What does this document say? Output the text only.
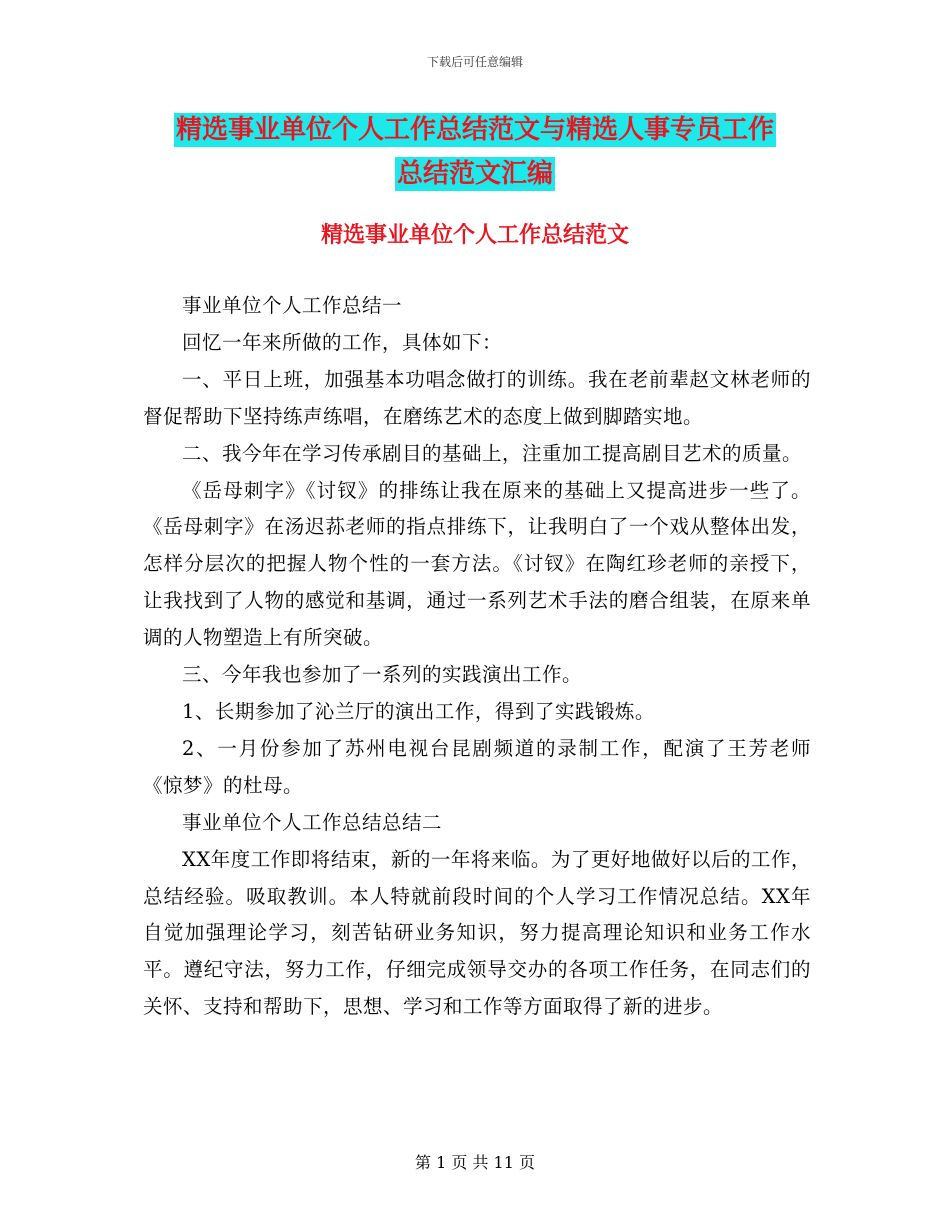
下载后可任意编辑
精选事业单位个人工作总结范文与精选人事专员工作
总结范文汇编
精选事业单位个人工作总结范文

事业单位个人工作总结一

回忆一年来所做的工作，具体如下：

一、平日上班，加强基本功唱念做打的训练。我在老前辈赵文林老师的督促帮助下坚持练声练唱，在磨练艺术的态度上做到脚踏实地。

二、我今年在学习传承剧目的基础上，注重加工提高剧目艺术的质量。

《岳母刺字》《讨钗》的排练让我在原来的基础上又提高进步一些了。《岳母刺字》在汤迟荪老师的指点排练下，让我明白了一个戏从整体出发，怎样分层次的把握人物个性的一套方法。《讨钗》在陶红珍老师的亲授下，让我找到了人物的感觉和基调，通过一系列艺术手法的磨合组装，在原来单调的人物塑造上有所突破。

三、今年我也参加了一系列的实践演出工作。

1、长期参加了沁兰厅的演出工作，得到了实践锻炼。

2、一月份参加了苏州电视台昆剧频道的录制工作，配演了王芳老师《惊梦》的杜母。

事业单位个人工作总结总结二

XX年度工作即将结束，新的一年将来临。为了更好地做好以后的工作，总结经验。吸取教训。本人特就前段时间的个人学习工作情况总结。XX年自觉加强理论学习，刻苦钻研业务知识，努力提高理论知识和业务工作水平。遵纪守法，努力工作，仔细完成领导交办的各项工作任务，在同志们的关怀、支持和帮助下，思想、学习和工作等方面取得了新的进步。

第 1 页 共 11 页
